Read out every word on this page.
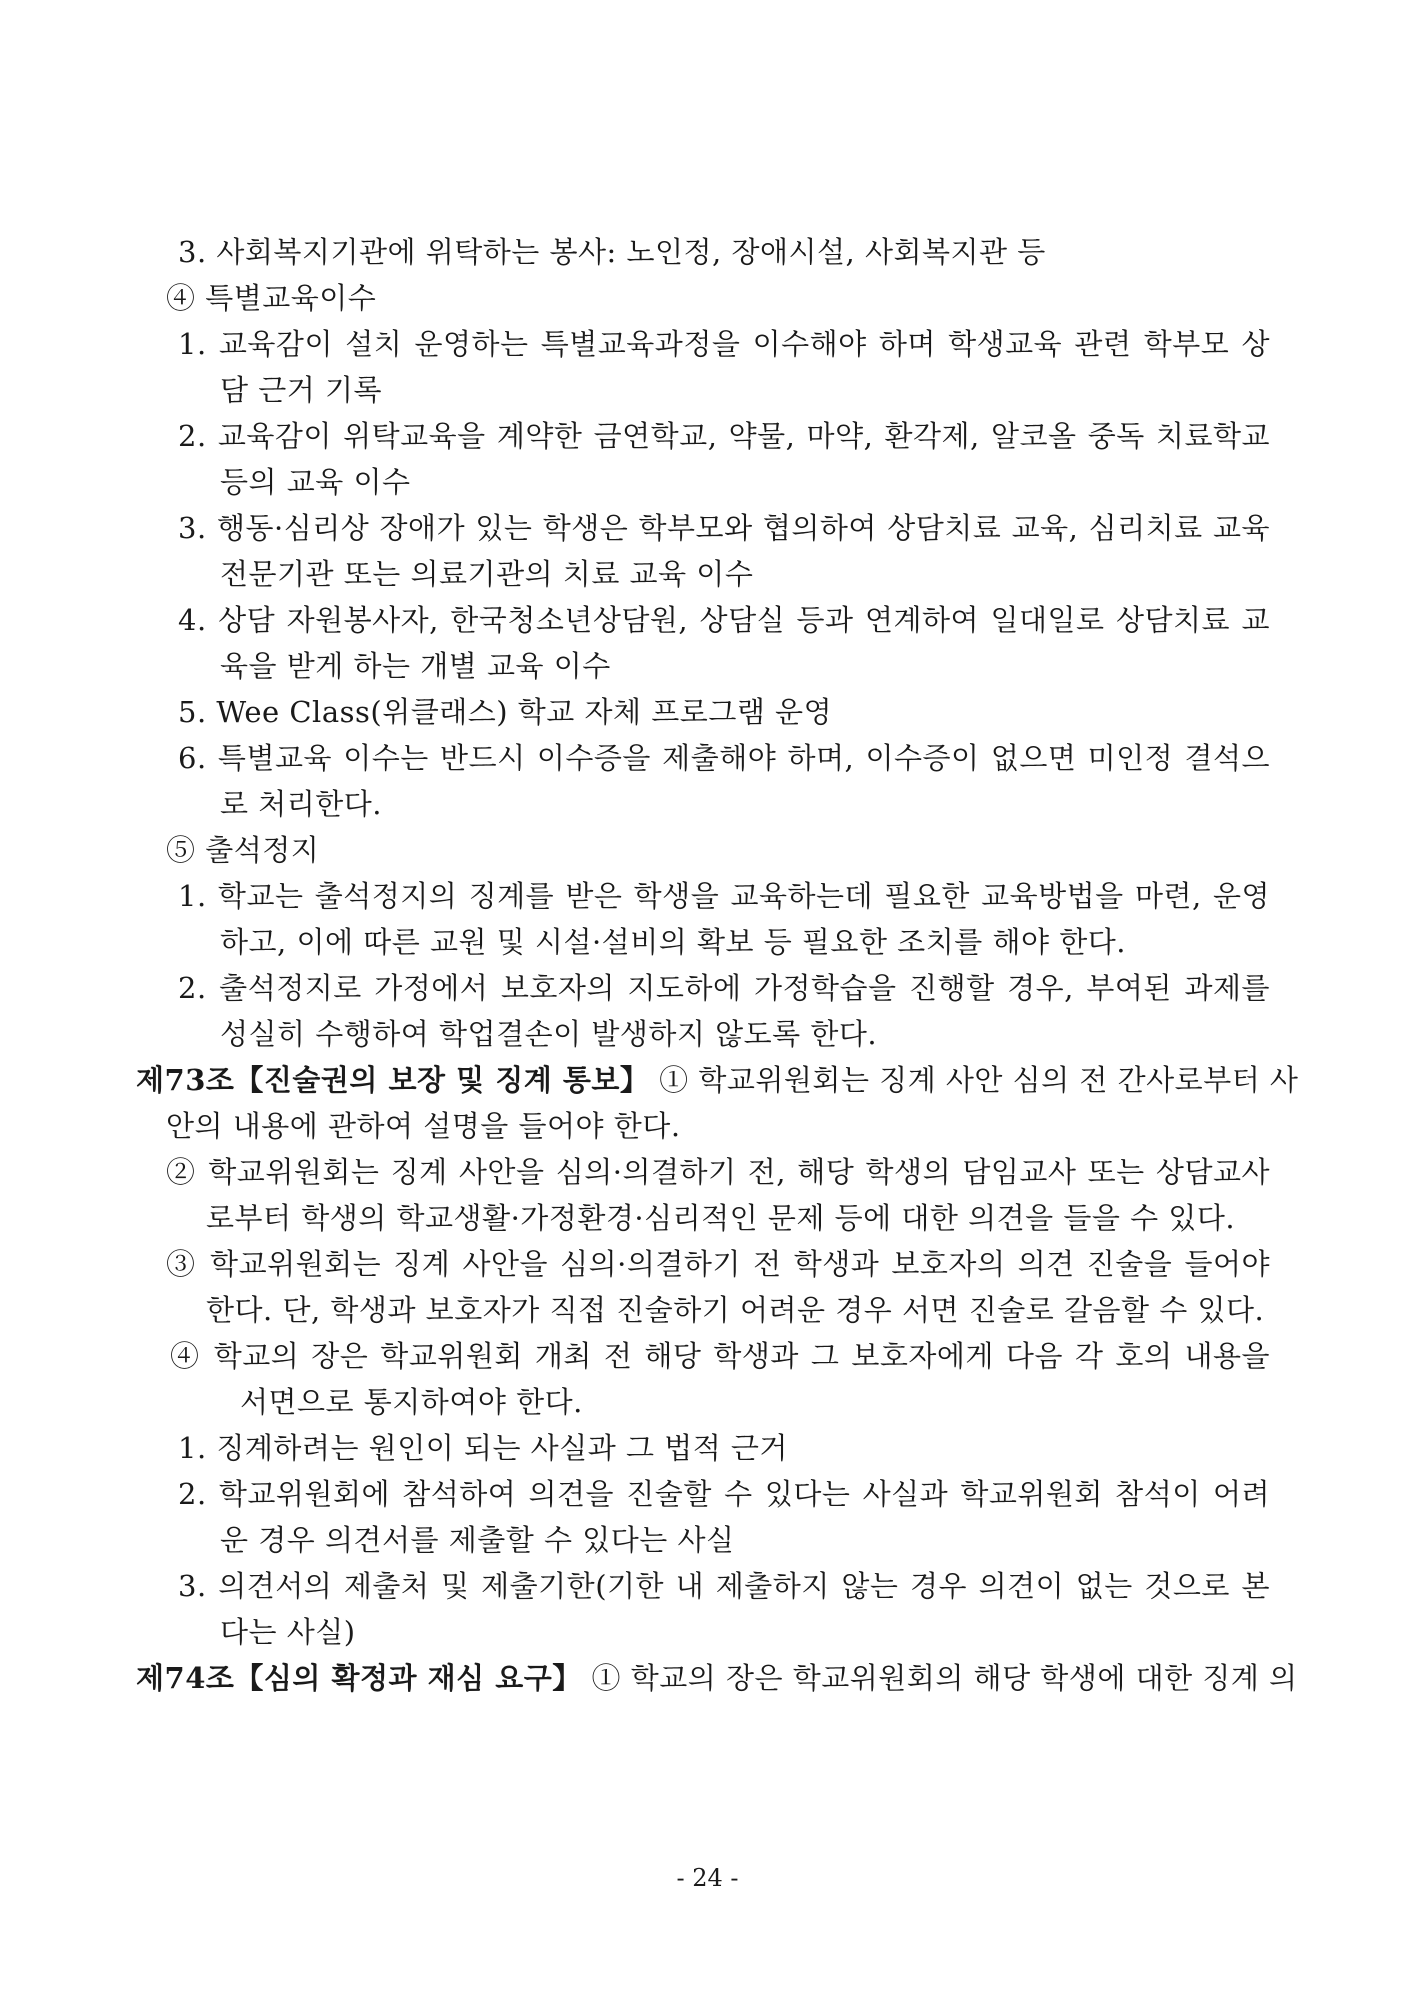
3. 사회복지기관에 위탁하는 봉사: 노인정, 장애시설, 사회복지관 등
④ 특별교육이수
1. 교육감이 설치 운영하는 특별교육과정을 이수해야 하며 학생교육 관련 학부모 상
담 근거 기록
2. 교육감이 위탁교육을 계약한 금연학교, 약물, 마약, 환각제, 알코올 중독 치료학교
등의 교육 이수
3. 행동·심리상 장애가 있는 학생은 학부모와 협의하여 상담치료 교육, 심리치료 교육
전문기관 또는 의료기관의 치료 교육 이수
4. 상담 자원봉사자, 한국청소년상담원, 상담실 등과 연계하여 일대일로 상담치료 교
육을 받게 하는 개별 교육 이수
5. Wee Class(위클래스) 학교 자체 프로그램 운영
6. 특별교육 이수는 반드시 이수증을 제출해야 하며, 이수증이 없으면 미인정 결석으
로 처리한다.
⑤ 출석정지
1. 학교는 출석정지의 징계를 받은 학생을 교육하는데 필요한 교육방법을 마련, 운영
하고, 이에 따른 교원 및 시설·설비의 확보 등 필요한 조치를 해야 한다.
2. 출석정지로 가정에서 보호자의 지도하에 가정학습을 진행할 경우, 부여된 과제를
성실히 수행하여 학업결손이 발생하지 않도록 한다.
제73조【진술권의 보장 및 징계 통보】 ① 학교위원회는 징계 사안 심의 전 간사로부터 사
안의 내용에 관하여 설명을 들어야 한다.
② 학교위원회는 징계 사안을 심의·의결하기 전, 해당 학생의 담임교사 또는 상담교사
로부터 학생의 학교생활·가정환경·심리적인 문제 등에 대한 의견을 들을 수 있다.
③ 학교위원회는 징계 사안을 심의·의결하기 전 학생과 보호자의 의견 진술을 들어야
한다. 단, 학생과 보호자가 직접 진술하기 어려운 경우 서면 진술로 갈음할 수 있다.
④ 학교의 장은 학교위원회 개최 전 해당 학생과 그 보호자에게 다음 각 호의 내용을
서면으로 통지하여야 한다.
1. 징계하려는 원인이 되는 사실과 그 법적 근거
2. 학교위원회에 참석하여 의견을 진술할 수 있다는 사실과 학교위원회 참석이 어려
운 경우 의견서를 제출할 수 있다는 사실
3. 의견서의 제출처 및 제출기한(기한 내 제출하지 않는 경우 의견이 없는 것으로 본
다는 사실)
제74조【심의 확정과 재심 요구】 ① 학교의 장은 학교위원회의 해당 학생에 대한 징계 의
- 24 -
